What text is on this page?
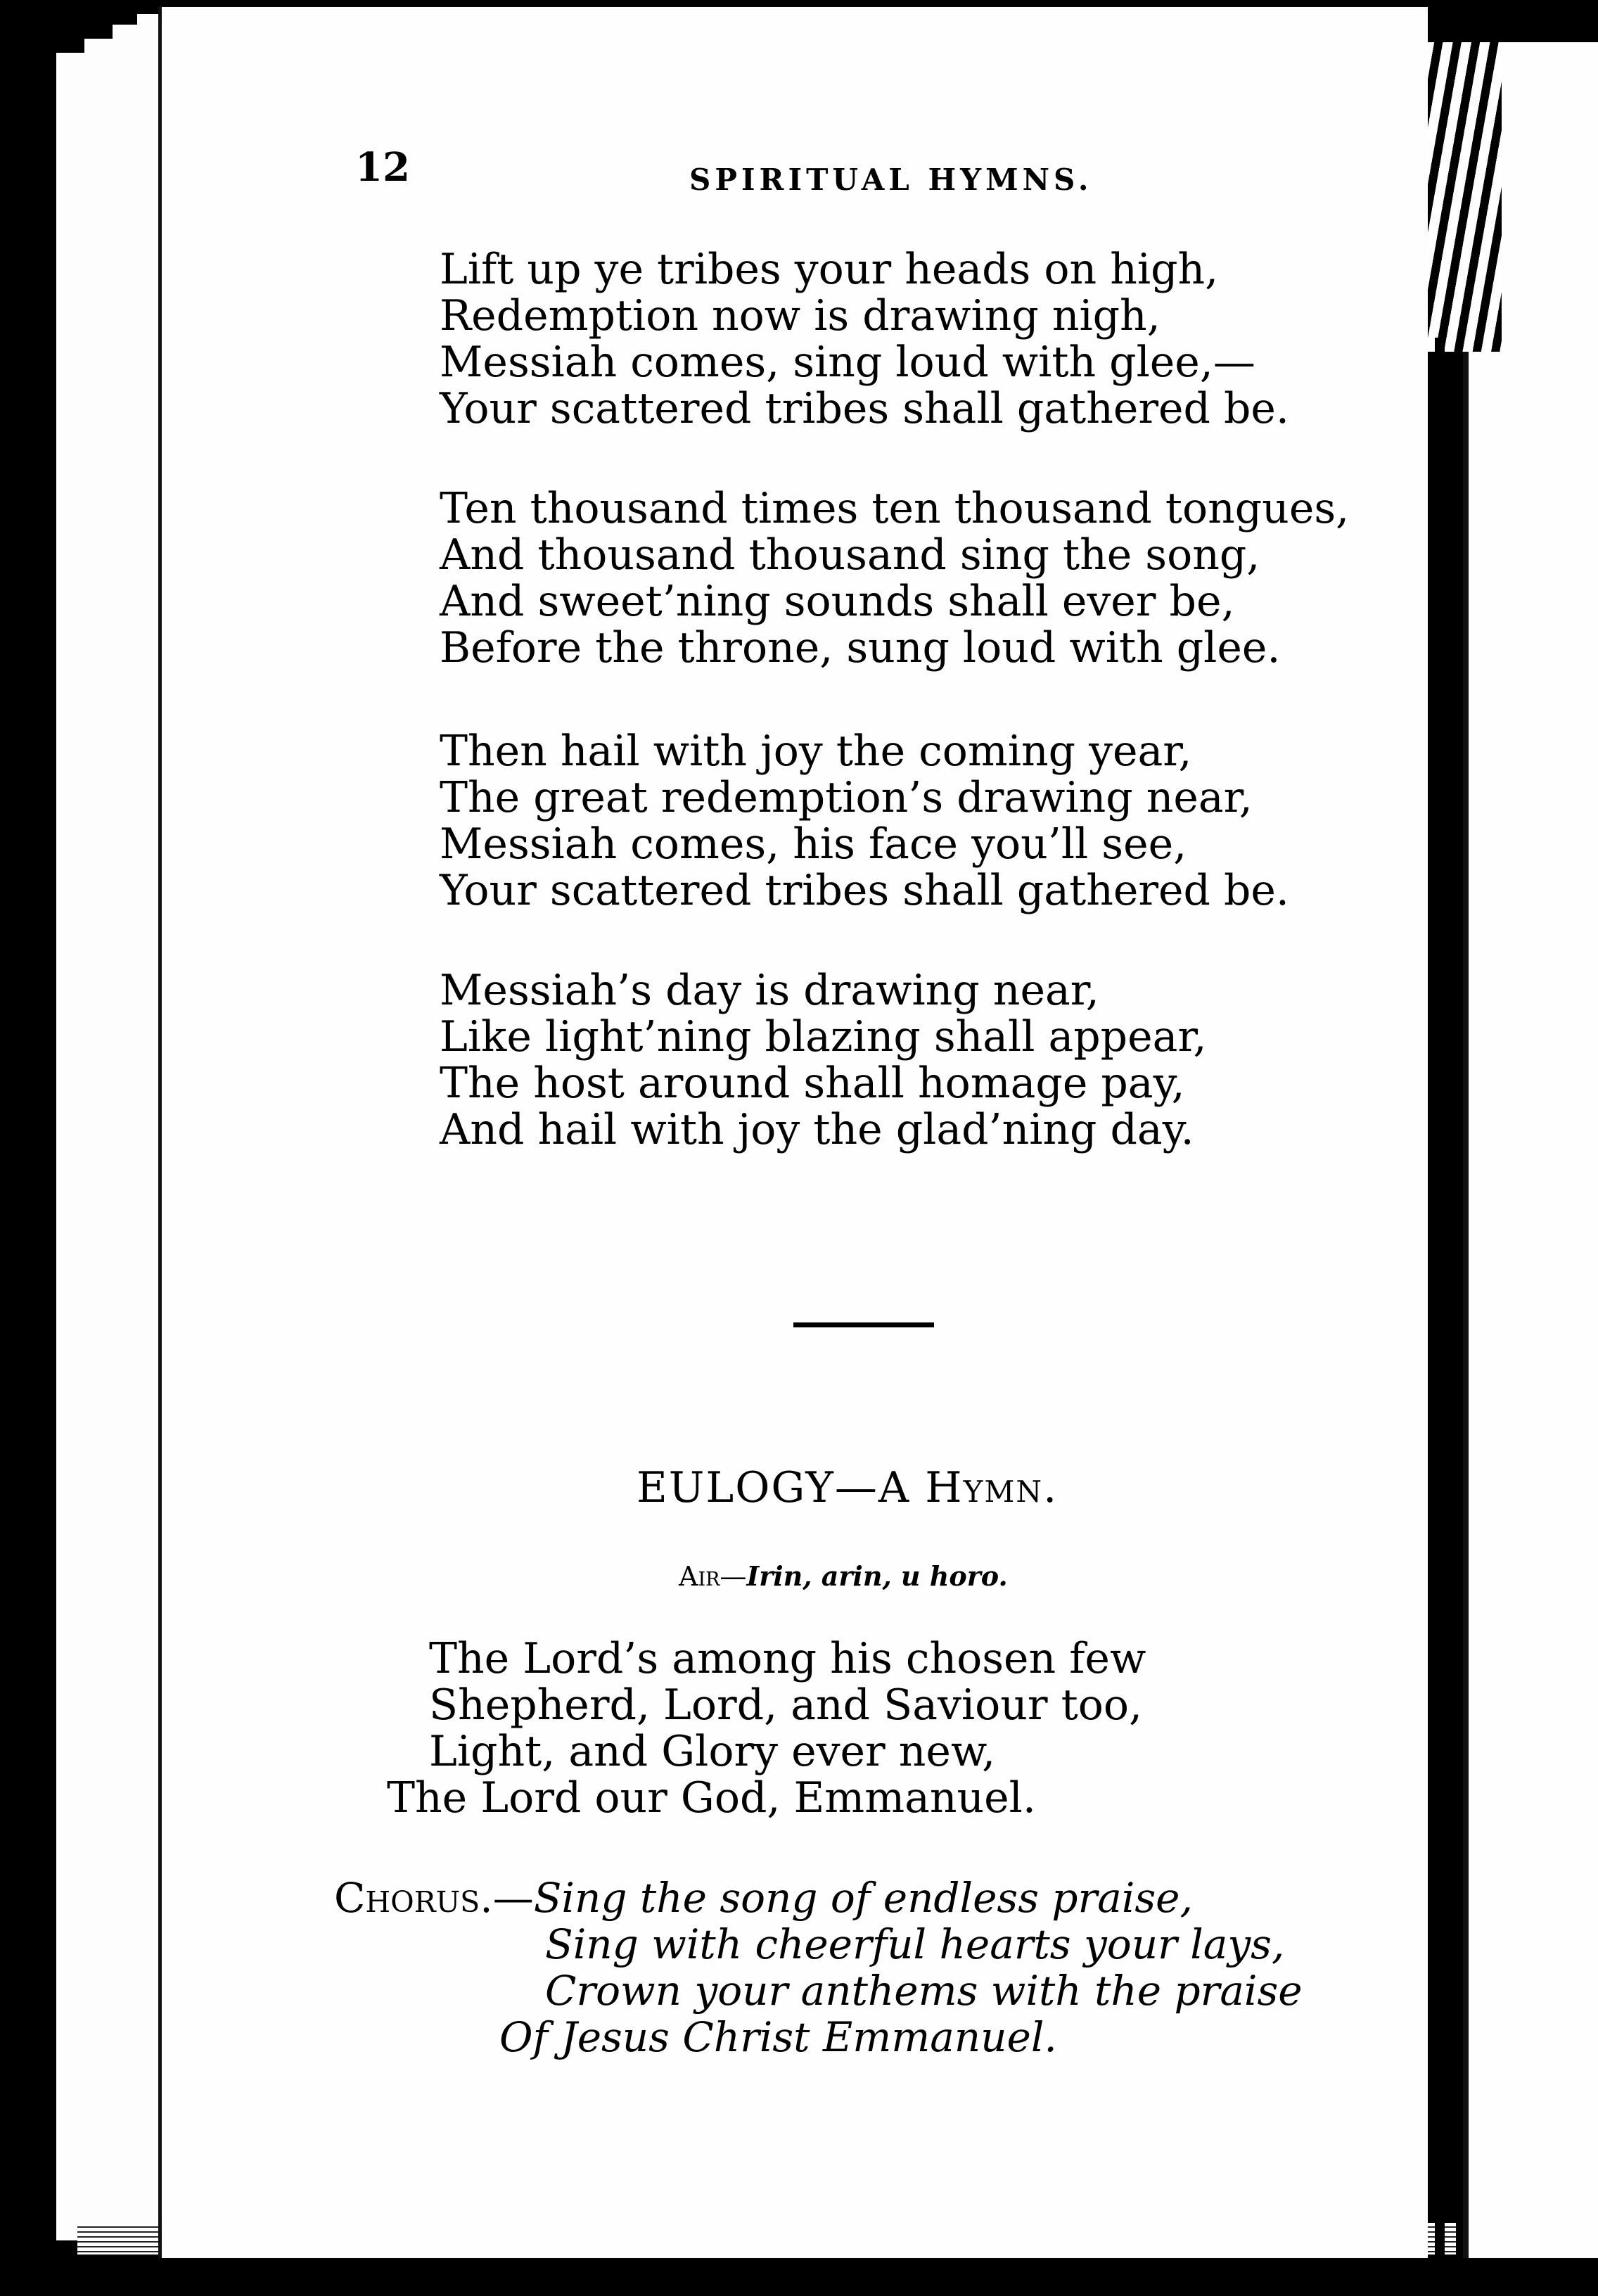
12	SPIRITUAL HYMNS.
Lift up ye tribes your heads on high,
Redemption now is drawing nigh,
Messiah comes, sing loud with glee,—
Your scattered tribes shall gathered be.
Ten thousand times ten thousand tongues,
And thousand thousand sing the song,
And sweet’ning sounds shall ever be,
Before the throne, sung loud with glee.
Then hail with joy the coming year,
The great redemption’s drawing near,
Messiah comes, his face you’ll see,
Your scattered tribes shall gathered be.
Messiah’s day is drawing near,
Like light’ning blazing shall appear,
The host around shall homage pay,
And hail with joy the glad’ning day.
EULOGY—A Hymn.
Air—Irin, arin, u horo.
The Lord’s among his chosen few
Shepherd, Lord, and Saviour too,
Light, and Glory ever new,
The Lord our God, Emmanuel.
Chorus.—Sing the song of endless praise,
Sing with cheerful hearts your lays,
Crown your anthems with the praise
Of Jesus Christ Emmanuel.
